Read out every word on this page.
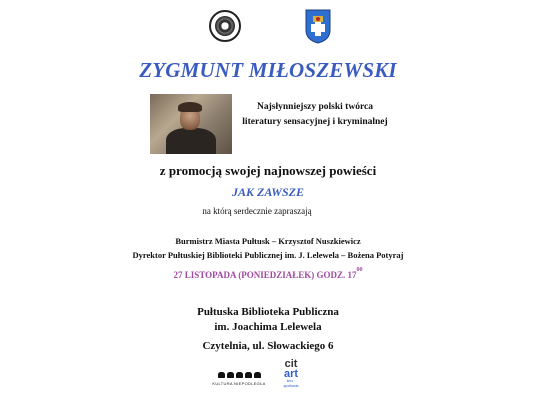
ZYGMUNT MIŁOSZEWSKI
Najsłynniejszy polski twórca
literatury sensacyjnej i kryminalnej
z promocją swojej najnowszej powieści
JAK ZAWSZE
na którą serdecznie zapraszają
Burmistrz Miasta Pułtusk – Krzysztof Nuszkiewicz
Dyrektor Pułtuskiej Biblioteki Publicznej im. J. Lelewela – Bożena Potyraj
27 LISTOPADA (PONIEDZIAŁEK) GODZ. $17^{00}$
Pułtuska Biblioteka Publiczna
im. Joachima Lelewela
Czytelnia, ul. Słowackiego 6
KULTURA NIEPODLEGŁA
cit
art
kino · spotkania
